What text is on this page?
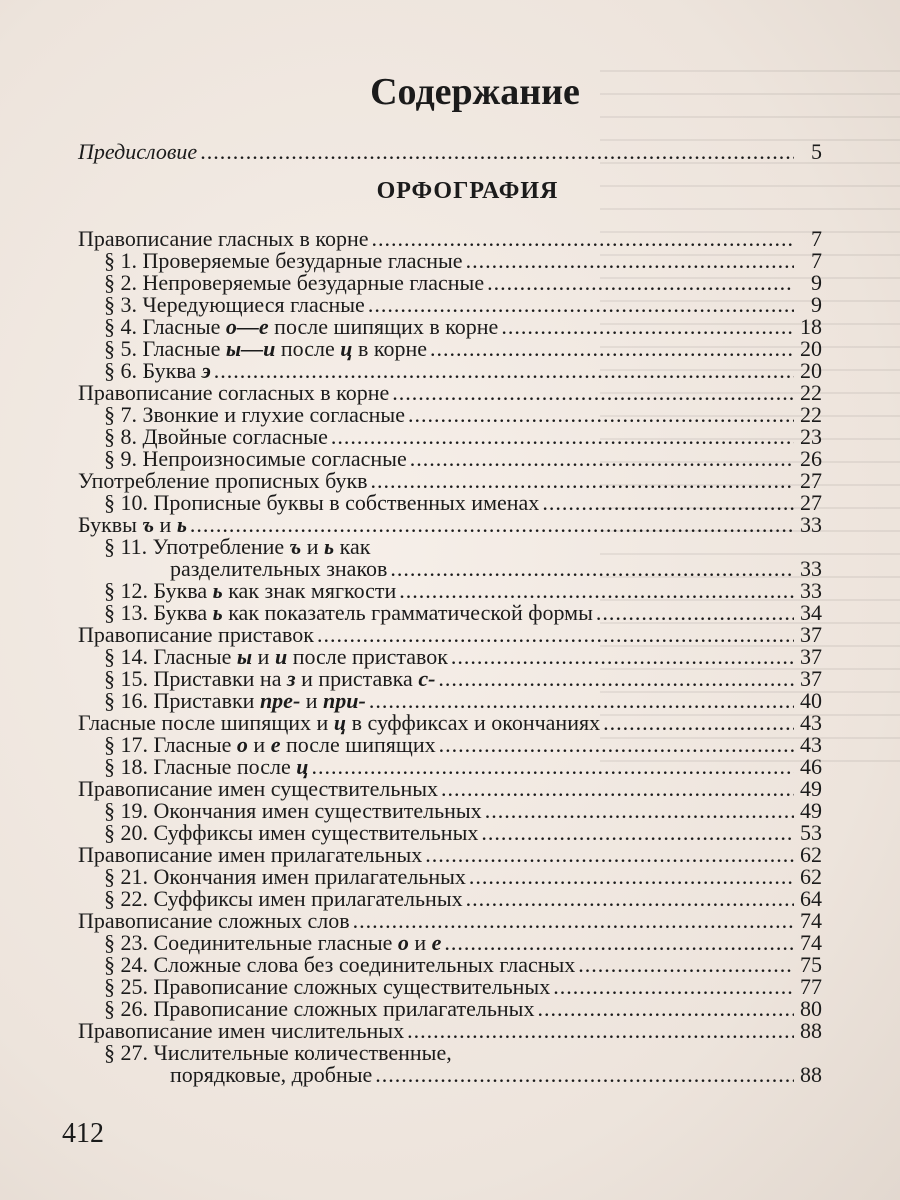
Содержание
ОРФОГРАФИЯ
Предисловие .....	5
Правописание гласных в корне .....	7
§ 1. Проверяемые безударные гласные .....	7
§ 2. Непроверяемые безударные гласные .....	9
§ 3. Чередующиеся гласные .....	9
§ 4. Гласные о—е после шипящих в корне .....	18
§ 5. Гласные ы—и после ц в корне .....	20
§ 6. Буква э .....	20
Правописание согласных в корне .....	22
§ 7. Звонкие и глухие согласные .....	22
§ 8. Двойные согласные .....	23
§ 9. Непроизносимые согласные .....	26
Употребление прописных букв .....	27
§ 10. Прописные буквы в собственных именах .....	27
Буквы ъ и ь .....	33
§ 11. Употребление ъ и ь как
разделительных знаков .....	33
§ 12. Буква ь как знак мягкости .....	33
§ 13. Буква ь как показатель грамматической формы .....	34
Правописание приставок .....	37
§ 14. Гласные ы и и после приставок .....	37
§ 15. Приставки на з и приставка с- .....	37
§ 16. Приставки пре- и при- .....	40
Гласные после шипящих и ц в суффиксах и окончаниях .....	43
§ 17. Гласные о и е после шипящих .....	43
§ 18. Гласные после ц .....	46
Правописание имен существительных .....	49
§ 19. Окончания имен существительных .....	49
§ 20. Суффиксы имен существительных .....	53
Правописание имен прилагательных .....	62
§ 21. Окончания имен прилагательных .....	62
§ 22. Суффиксы имен прилагательных .....	64
Правописание сложных слов .....	74
§ 23. Соединительные гласные о и е .....	74
§ 24. Сложные слова без соединительных гласных .....	75
§ 25. Правописание сложных существительных .....	77
§ 26. Правописание сложных прилагательных .....	80
Правописание имен числительных .....	88
§ 27. Числительные количественные,
порядковые, дробные .....	88
412
